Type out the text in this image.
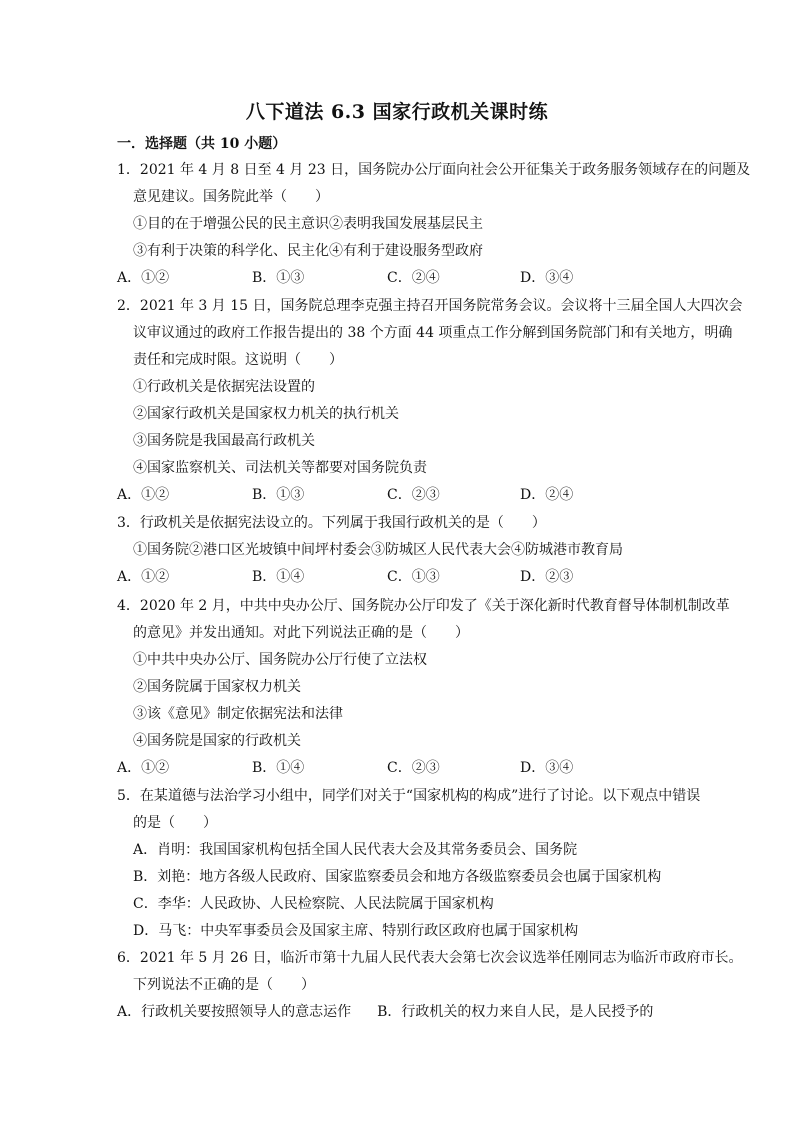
八下道法 6.3 国家行政机关课时练
一．选择题（共 10 小题）
1．2021 年 4 月 8 日至 4 月 23 日，国务院办公厅面向社会公开征集关于政务服务领域存在的问题及
意见建议。国务院此举（　　）
①目的在于增强公民的民主意识②表明我国发展基层民主
③有利于决策的科学化、民主化④有利于建设服务型政府
A．①②	B．①③	C．②④	D．③④
2．2021 年 3 月 15 日，国务院总理李克强主持召开国务院常务会议。会议将十三届全国人大四次会
议审议通过的政府工作报告提出的 38 个方面 44 项重点工作分解到国务院部门和有关地方，明确
责任和完成时限。这说明（　　）
①行政机关是依据宪法设置的
②国家行政机关是国家权力机关的执行机关
③国务院是我国最高行政机关
④国家监察机关、司法机关等都要对国务院负责
A．①②	B．①③	C．②③	D．②④
3．行政机关是依据宪法设立的。下列属于我国行政机关的是（　　）
①国务院②港口区光坡镇中间坪村委会③防城区人民代表大会④防城港市教育局
A．①②	B．①④	C．①③	D．②③
4．2020 年 2 月，中共中央办公厅、国务院办公厅印发了《关于深化新时代教育督导体制机制改革
的意见》并发出通知。对此下列说法正确的是（　　）
①中共中央办公厅、国务院办公厅行使了立法权
②国务院属于国家权力机关
③该《意见》制定依据宪法和法律
④国务院是国家的行政机关
A．①②	B．①④	C．②③	D．③④
5．在某道德与法治学习小组中，同学们对关于“国家机构的构成”进行了讨论。以下观点中错误
的是（　　）
A．肖明：我国国家机构包括全国人民代表大会及其常务委员会、国务院
B．刘艳：地方各级人民政府、国家监察委员会和地方各级监察委员会也属于国家机构
C．李华：人民政协、人民检察院、人民法院属于国家机构
D．马飞：中央军事委员会及国家主席、特别行政区政府也属于国家机构
6．2021 年 5 月 26 日，临沂市第十九届人民代表大会第七次会议选举任刚同志为临沂市政府市长。
下列说法不正确的是（　　）
A．行政机关要按照领导人的意志运作	B．行政机关的权力来自人民，是人民授予的
